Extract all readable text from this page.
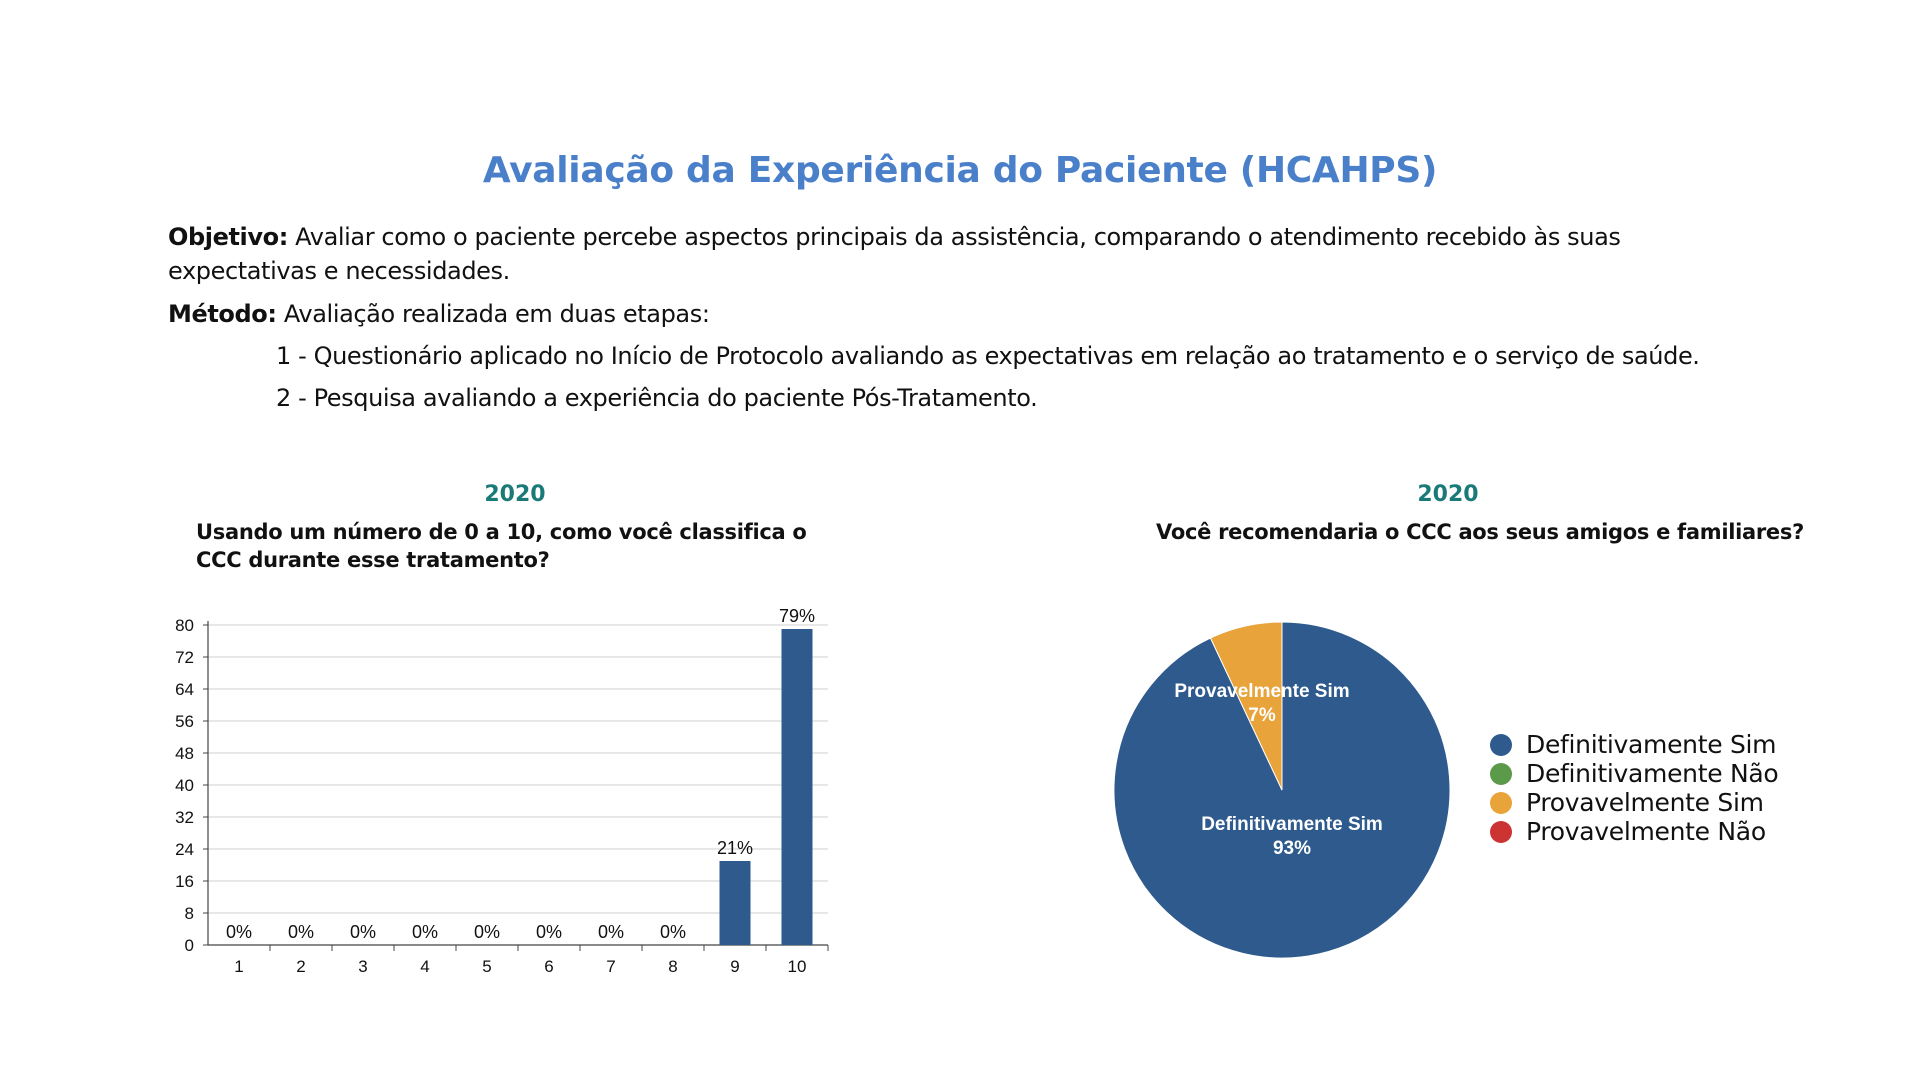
Avaliação da Experiência do Paciente (HCAHPS)
Objetivo: Avaliar como o paciente percebe aspectos principais da assistência, comparando o atendimento recebido às suas expectativas e necessidades.
Método: Avaliação realizada em duas etapas:
1 - Questionário aplicado no Início de Protocolo avaliando as expectativas em relação ao tratamento e o serviço de saúde.
2 - Pesquisa avaliando a experiência do paciente Pós-Tratamento.
2020
Usando um número de 0 a 10, como você classifica o CCC durante esse tratamento?
2020
Você recomendaria o CCC aos seus amigos e familiares?
0
8
16
24
32
40
48
56
64
72
80
0%
1
0%
2
0%
3
0%
4
0%
5
0%
6
0%
7
0%
8
21%
9
79%
10
Definitivamente Sim
93%
Provavelmente Sim
7%
Definitivamente Sim
Definitivamente Não
Provavelmente Sim
Provavelmente Não
